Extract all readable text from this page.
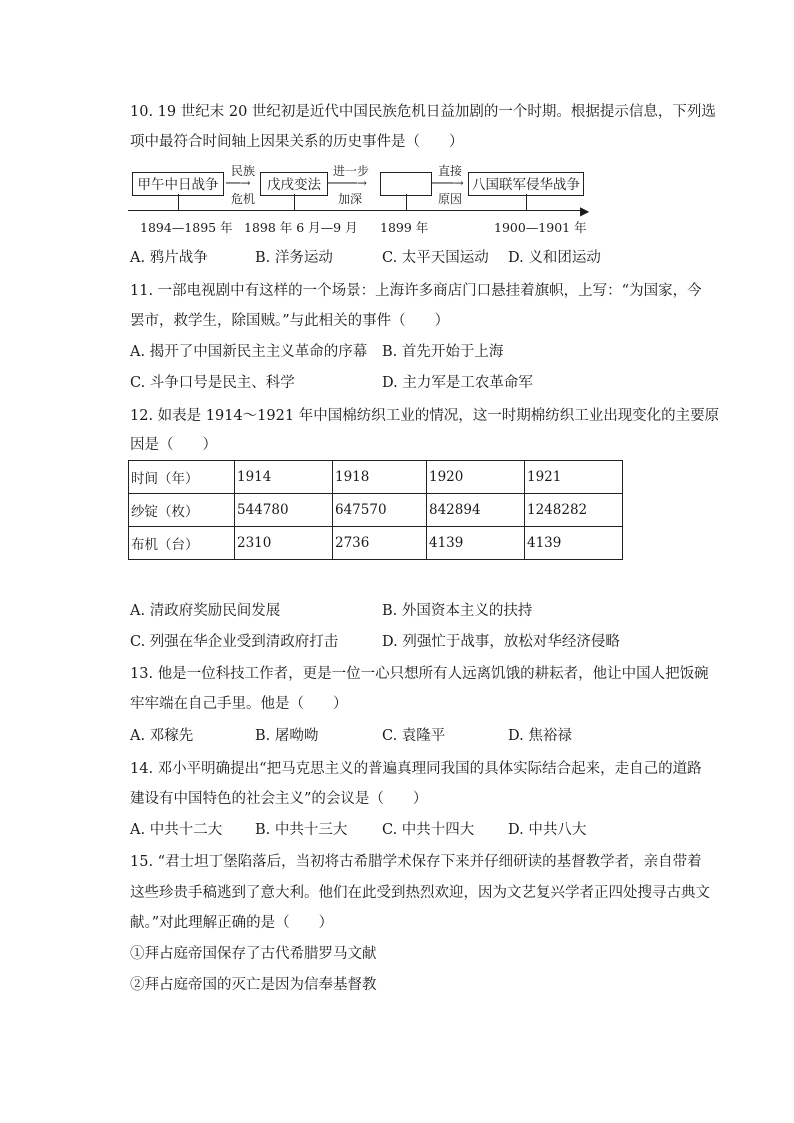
10. 19 世纪末 20 世纪初是近代中国民族危机日益加剧的一个时期。根据提示信息，下列选
项中最符合时间轴上因果关系的历史事件是（　　）
甲午中日战争
民族
危机
──→	戊戌变法
进一步
加深
────→
直接
原因
───→ 八国联军侵华战争
▶
1894—1895 年 1898 年 6 月—9 月 1899 年	1900—1901 年
A. 鸦片战争	B. 洋务运动	C. 太平天国运动 D. 义和团运动
11. 一部电视剧中有这样的一个场景：上海许多商店门口悬挂着旗帜，上写：“为国家，今
罢市，救学生，除国贼。”与此相关的事件（　　）
A. 揭开了中国新民主主义革命的序幕 B. 首先开始于上海
C. 斗争口号是民主、科学	D. 主力军是工农革命军
12. 如表是 1914～1921 年中国棉纺织工业的情况，这一时期棉纺织工业出现变化的主要原
因是（　　）
时间（年）	1914	1918	1920	1921
纱锭（枚）	544780	647570	842894	1248282
布机（台）	2310	2736	4139	4139
A. 清政府奖励民间发展	B. 外国资本主义的扶持
C. 列强在华企业受到清政府打击	D. 列强忙于战事，放松对华经济侵略
13. 他是一位科技工作者，更是一位一心只想所有人远离饥饿的耕耘者，他让中国人把饭碗
牢牢端在自己手里。他是（　　）
A. 邓稼先	B. 屠呦呦	C. 袁隆平	D. 焦裕禄
14. 邓小平明确提出“把马克思主义的普遍真理同我国的具体实际结合起来，走自己的道路
建设有中国特色的社会主义”的会议是（　　）
A. 中共十二大 B. 中共十三大 C. 中共十四大 D. 中共八大
15. “君士坦丁堡陷落后，当初将古希腊学术保存下来并仔细研读的基督教学者，亲自带着
这些珍贵手稿逃到了意大利。他们在此受到热烈欢迎，因为文艺复兴学者正四处搜寻古典文
献。”对此理解正确的是（　　）
①拜占庭帝国保存了古代希腊罗马文献
②拜占庭帝国的灭亡是因为信奉基督教
